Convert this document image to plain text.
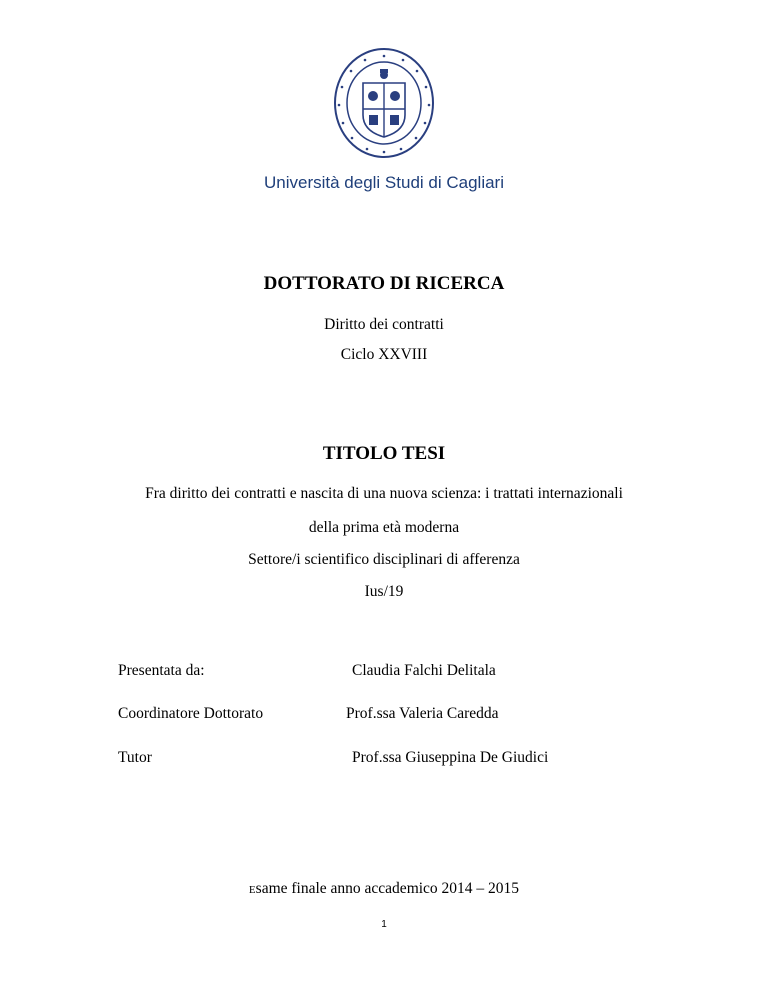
Università degli Studi di Cagliari
DOTTORATO DI RICERCA
Diritto dei contratti
Ciclo XXVIII
TITOLO TESI
Fra diritto dei contratti e nascita di una nuova scienza: i trattati internazionali
della prima età moderna
Settore/i scientifico disciplinari di afferenza
Ius/19
Presentata da:	Claudia Falchi Delitala
Coordinatore Dottorato	Prof.ssa Valeria Caredda
Tutor	Prof.ssa Giuseppina De Giudici
Esame finale anno accademico 2014 – 2015
1
